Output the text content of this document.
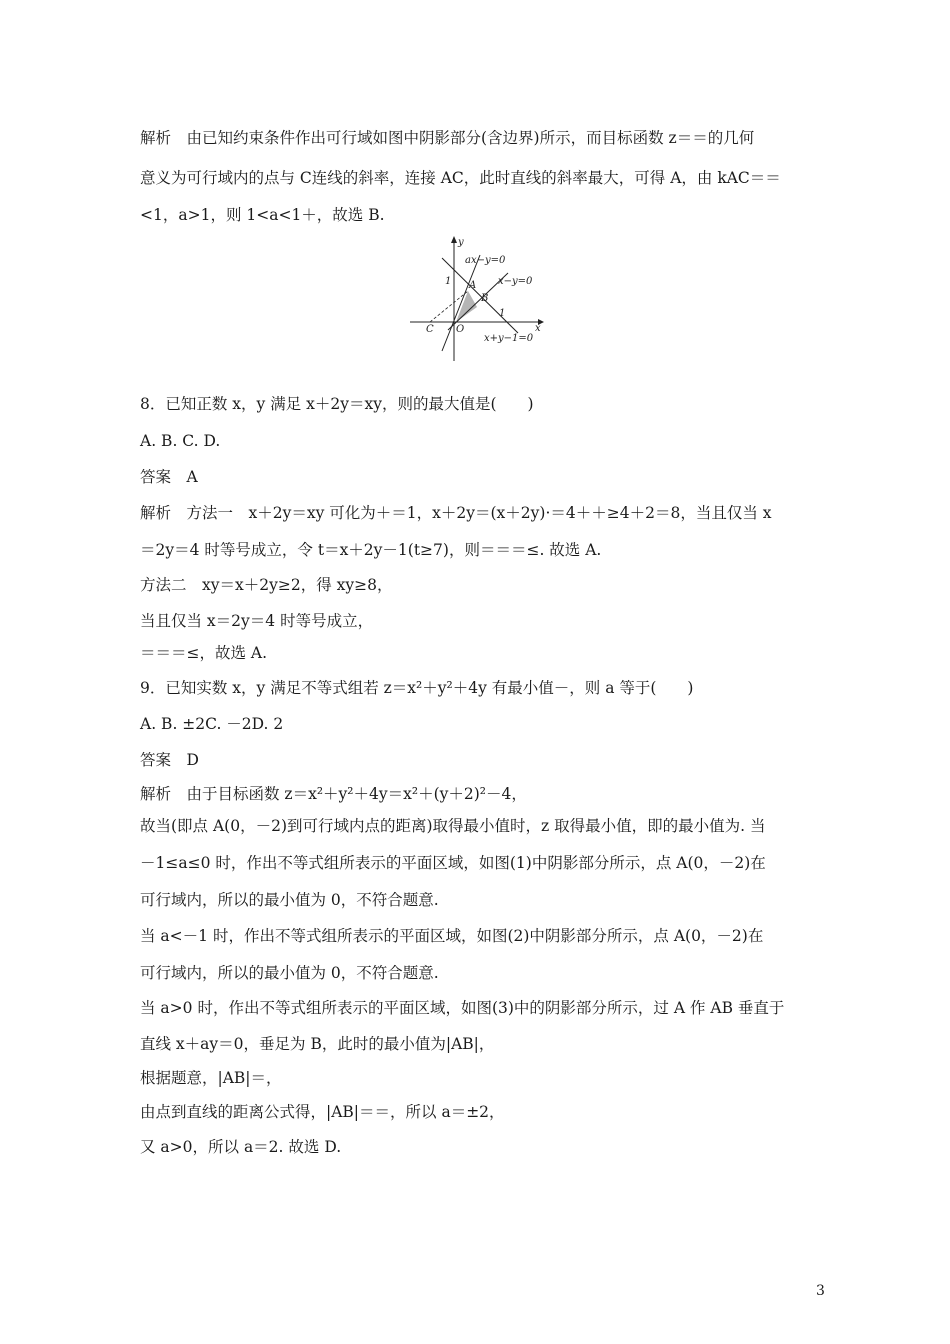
解析　由已知约束条件作出可行域如图中阴影部分(含边界)所示，而目标函数 z＝＝的几何
意义为可行域内的点与 C连线的斜率，连接 AC，此时直线的斜率最大，可得 A，由 kAC＝＝
<1，a>1，则 1<a<1＋，故选 B.
y
ax−y=0
x−y=0
1 A
B
1
C O	x
x+y−1=0
8．已知正数 x，y 满足 x＋2y＝xy，则的最大值是(　　)
A. B. C. D.
答案　A
解析　方法一　x＋2y＝xy 可化为＋＝1，x＋2y＝(x＋2y)·＝4＋＋≥4＋2＝8，当且仅当 x
＝2y＝4 时等号成立，令 t＝x＋2y－1(t≥7)，则＝＝＝≤. 故选 A.
方法二　xy＝x＋2y≥2，得 xy≥8，
当且仅当 x＝2y＝4 时等号成立，
＝＝＝≤，故选 A.
9．已知实数 x，y 满足不等式组若 z＝x²＋y²＋4y 有最小值－，则 a 等于(　　)
A. B. ±2C. －2D. 2
答案　D
解析　由于目标函数 z＝x²＋y²＋4y＝x²＋(y＋2)²－4，
故当(即点 A(0，－2)到可行域内点的距离)取得最小值时，z 取得最小值，即的最小值为. 当
－1≤a≤0 时，作出不等式组所表示的平面区域，如图(1)中阴影部分所示，点 A(0，－2)在
可行域内，所以的最小值为 0，不符合题意.
当 a<－1 时，作出不等式组所表示的平面区域，如图(2)中阴影部分所示，点 A(0，－2)在
可行域内，所以的最小值为 0，不符合题意.
当 a>0 时，作出不等式组所表示的平面区域，如图(3)中的阴影部分所示，过 A 作 AB 垂直于
直线 x＋ay＝0，垂足为 B，此时的最小值为|AB|，
根据题意，|AB|＝，
由点到直线的距离公式得，|AB|＝＝，所以 a＝±2，
又 a>0，所以 a＝2. 故选 D.
3
